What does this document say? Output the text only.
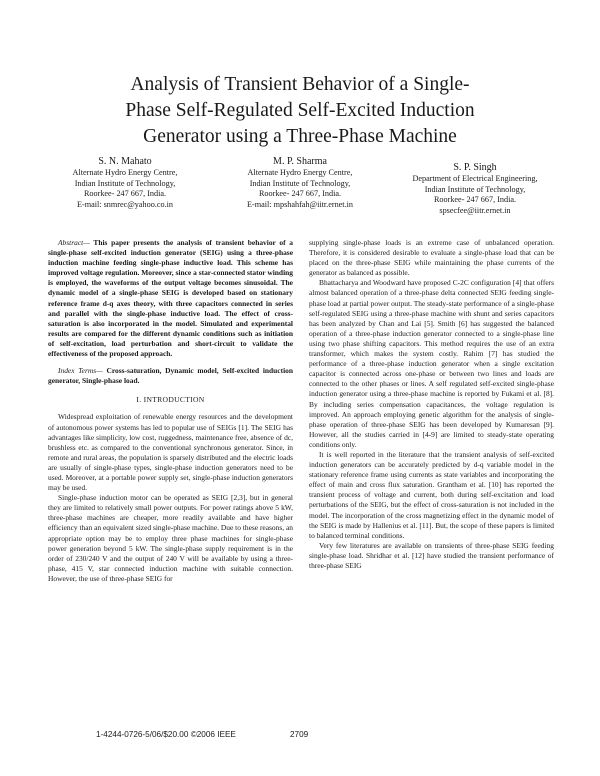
Analysis of Transient Behavior of a Single-
Phase Self-Regulated Self-Excited Induction
Generator using a Three-Phase Machine
S. N. Mahato
Alternate Hydro Energy Centre,
Indian Institute of Technology,
Roorkee- 247 667, India.
E-mail: snmrec@yahoo.co.in
M. P. Sharma
Alternate Hydro Energy Centre,
Indian Institute of Technology,
Roorkee- 247 667, India.
E-mail: mpshahfah@iitr.ernet.in
S. P. Singh
Department of Electrical Engineering,
Indian Institute of Technology,
Roorkee- 247 667, India.
spsecfee@iitr.ernet.in

Abstract— This paper presents the analysis of transient behavior of a single-phase self-excited induction generator (SEIG) using a three-phase induction machine feeding single-phase inductive load. This scheme has improved voltage regulation. Moreover, since a star-connected stator winding is employed, the waveforms of the output voltage becomes sinusoidal. The dynamic model of a single-phase SEIG is developed based on stationary reference frame d-q axes theory, with three capacitors connected in series and parallel with the single-phase inductive load. The effect of cross-saturation is also incorporated in the model. Simulated and experimental results are compared for the different dynamic conditions such as initiation of self-excitation, load perturbation and short-circuit to validate the effectiveness of the proposed approach.

Index Terms— Cross-saturation, Dynamic model, Self-excited induction generator, Single-phase load.

I. INTRODUCTION

Widespread exploitation of renewable energy resources and the development of autonomous power systems has led to popular use of SEIGs [1]. The SEIG has advantages like simplicity, low cost, ruggedness, maintenance free, absence of dc, brushless etc. as compared to the conventional synchronous generator. Since, in remote and rural areas, the population is sparsely distributed and the electric loads are usually of single-phase types, single-phase induction generators need to be used. Moreover, at a portable power supply set, single-phase induction generators may be used.

Single-phase induction motor can be operated as SEIG [2,3], but in general they are limited to relatively small power outputs. For power ratings above 5 kW, three-phase machines are cheaper, more readily available and have higher efficiency than an equivalent sized single-phase machine. Due to these reasons, an appropriate option may be to employ three phase machines for single-phase power generation beyond 5 kW. The single-phase supply requirement is in the order of 230/240 V and the output of 240 V will be available by using a three-phase, 415 V, star connected induction machine with suitable connection. However, the use of three-phase SEIG for

supplying single-phase loads is an extreme case of unbalanced operation. Therefore, it is considered desirable to evaluate a single-phase load that can be placed on the three-phase SEIG while maintaining the phase currents of the generator as balanced as possible.

Bhattacharya and Woodward have proposed C-2C configuration [4] that offers almost balanced operation of a three-phase delta connected SEIG feeding single-phase load at partial power output. The steady-state performance of a single-phase self-regulated SEIG using a three-phase machine with shunt and series capacitors has been analyzed by Chan and Lai [5]. Smith [6] has suggested the balanced operation of a three-phase induction generator connected to a single-phase line using two phase shifting capacitors. This method requires the use of an extra transformer, which makes the system costly. Rahim [7] has studied the performance of a three-phase induction generator when a single excitation capacitor is connected across one-phase or between two lines and loads are connected to the other phases or lines. A self regulated self-excited single-phase induction generator using a three-phase machine is reported by Fukami et al. [8]. By including series compensation capacitances, the voltage regulation is improved. An approach employing genetic algorithm for the analysis of single-phase operation of three-phase SEIG has been developed by Kumaresan [9]. However, all the studies carried in [4-9] are limited to steady-state operating conditions only.

It is well reported in the literature that the transient analysis of self-excited induction generators can be accurately predicted by d-q variable model in the stationary reference frame using currents as state variables and incorporating the effect of main and cross flux saturation. Grantham et al. [10] has reported the transient process of voltage and current, both during self-excitation and load perturbations of the SEIG, but the effect of cross-saturation is not included in the model. The incorporation of the cross magnetizing effect in the dynamic model of the SEIG is made by Hallenius et al. [11]. But, the scope of these papers is limited to balanced terminal conditions.

Very few literatures are available on transients of three-phase SEIG feeding single-phase load. Shridhar et al. [12] have studied the transient performance of three-phase SEIG

1-4244-0726-5/06/$20.00 ©2006 IEEE	2709
